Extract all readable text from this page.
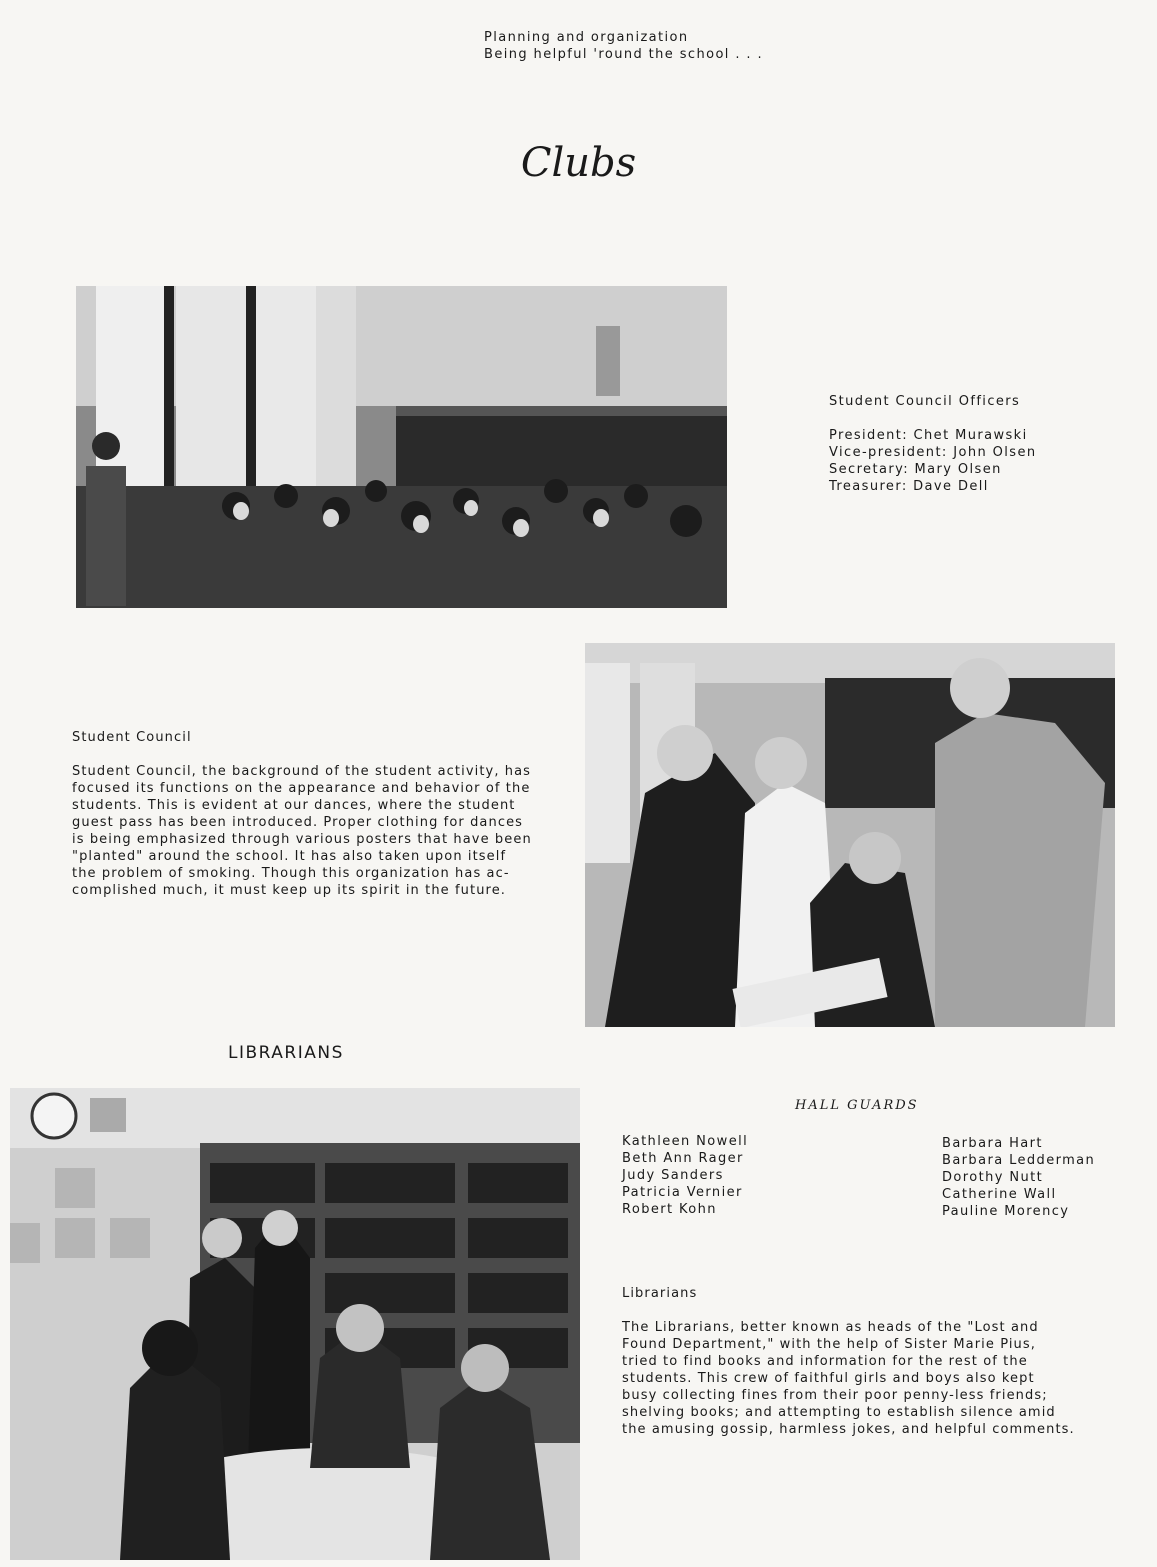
Planning and organization
Being helpful 'round the school . . .
Clubs
Student Council Officers
President: Chet Murawski
Vice-president: John Olsen
Secretary: Mary Olsen
Treasurer: Dave Dell
Student Council
Student Council, the background of the student activity, has
focused its functions on the appearance and behavior of the
students. This is evident at our dances, where the student
guest pass has been introduced. Proper clothing for dances
is being emphasized through various posters that have been
"planted" around the school. It has also taken upon itself
the problem of smoking. Though this organization has ac-
complished much, it must keep up its spirit in the future.
LIBRARIANS
HALL GUARDS
Kathleen Nowell
Beth Ann Rager
Judy Sanders
Patricia Vernier
Robert Kohn
Barbara Hart
Barbara Ledderman
Dorothy Nutt
Catherine Wall
Pauline Morency
Librarians
The Librarians, better known as heads of the "Lost and
Found Department," with the help of Sister Marie Pius,
tried to find books and information for the rest of the
students. This crew of faithful girls and boys also kept
busy collecting fines from their poor penny-less friends;
shelving books; and attempting to establish silence amid
the amusing gossip, harmless jokes, and helpful comments.
